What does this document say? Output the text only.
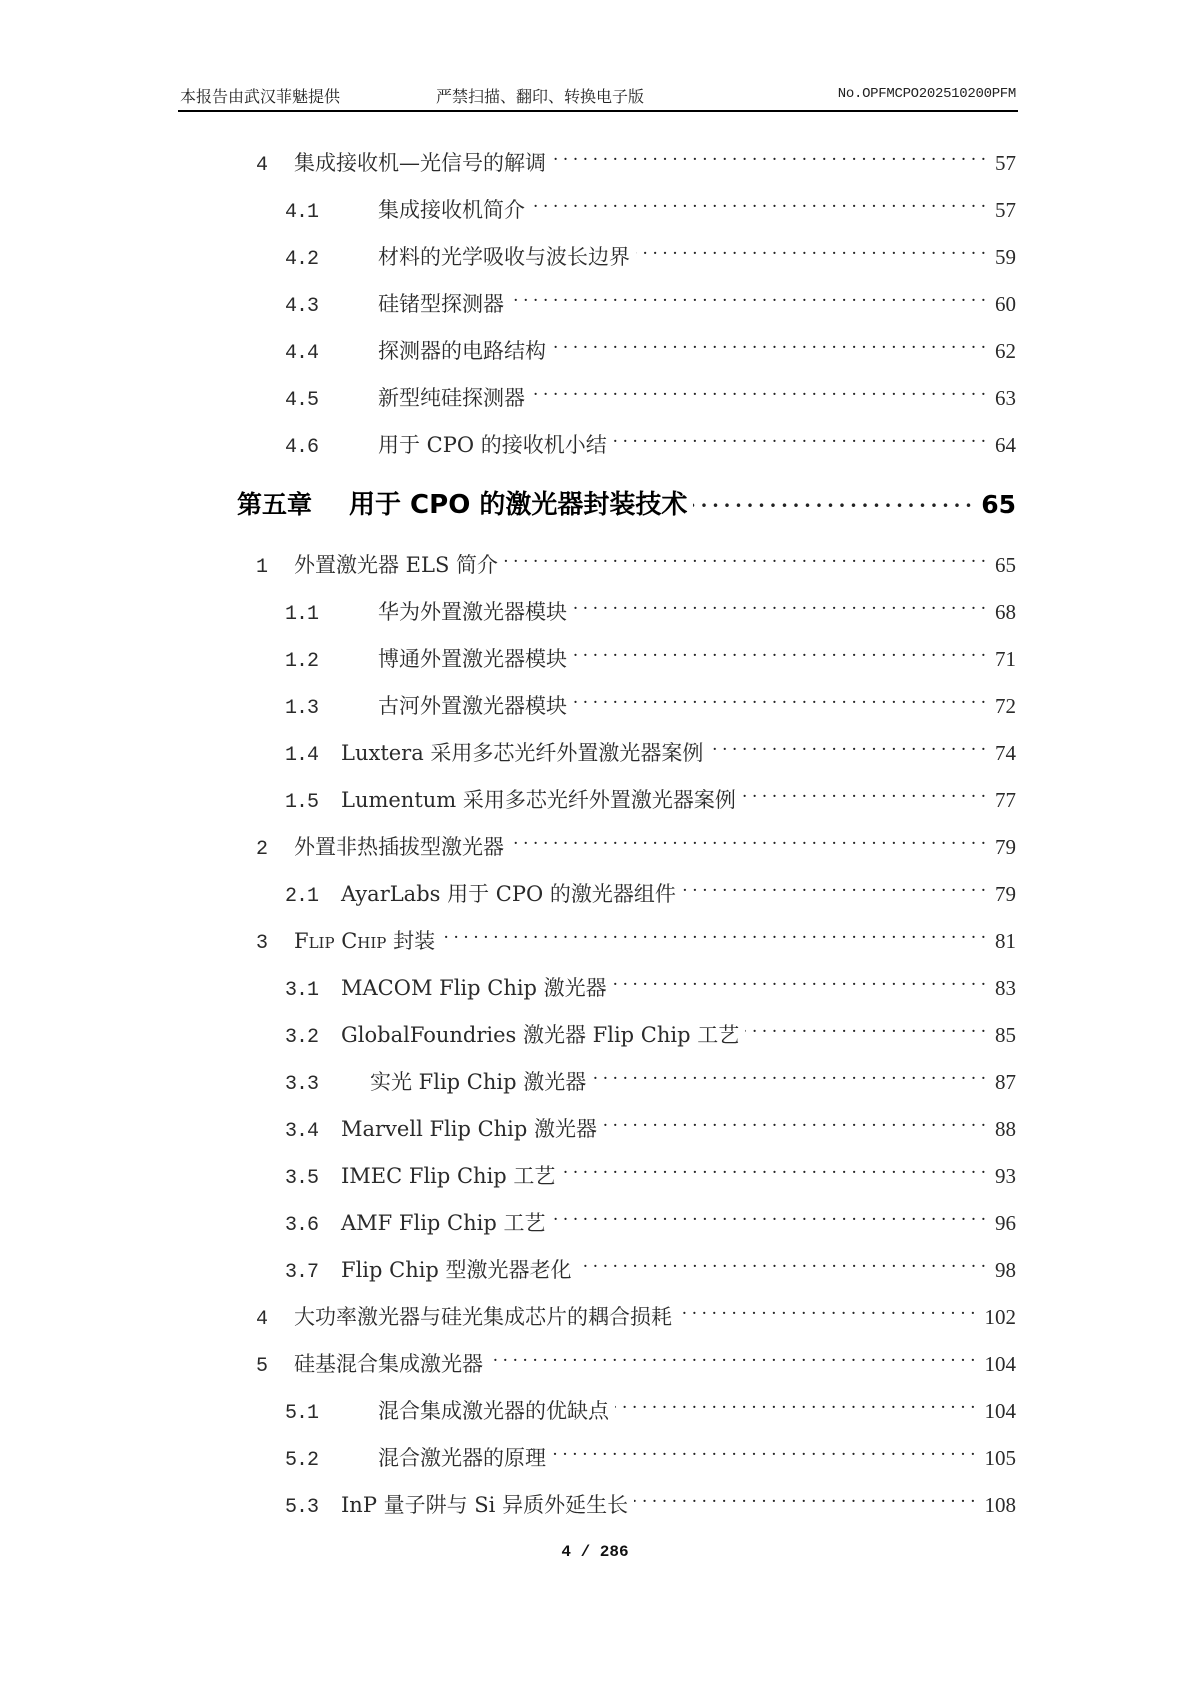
本报告由武汉菲魅提供	严禁扫描、翻印、转换电子版	No.OPFMCPO202510200PFM
4	集成接收机—光信号的解调 .....	57
4.1	集成接收机简介 .....	57
4.2	材料的光学吸收与波长边界 .....	59
4.3	硅锗型探测器 .....	60
4.4	探测器的电路结构 .....	62
4.5	新型纯硅探测器 .....	63
4.6	用于 CPO 的接收机小结 .....	64
第五章	用于 CPO 的激光器封装技术 .....	65
1	外置激光器 ELS 简介 .....	65
1.1	华为外置激光器模块 .....	68
1.2	博通外置激光器模块 .....	71
1.3	古河外置激光器模块 .....	72
1.4	Luxtera 采用多芯光纤外置激光器案例 .....	74
1.5	Lumentum 采用多芯光纤外置激光器案例 .....	77
2	外置非热插拔型激光器 .....	79
2.1	AyarLabs 用于 CPO 的激光器组件 .....	79
3	Flip Chip 封装 .....	81
3.1	MACOM Flip Chip 激光器 .....	83
3.2	GlobalFoundries 激光器 Flip Chip 工艺 .....	85
3.3	实光 Flip Chip 激光器 .....	87
3.4	Marvell Flip Chip 激光器 .....	88
3.5	IMEC Flip Chip 工艺 .....	93
3.6	AMF Flip Chip 工艺 .....	96
3.7	Flip Chip 型激光器老化 .....	98
4	大功率激光器与硅光集成芯片的耦合损耗 .....	102
5	硅基混合集成激光器 .....	104
5.1	混合集成激光器的优缺点 .....	104
5.2	混合激光器的原理 .....	105
5.3	InP 量子阱与 Si 异质外延生长 .....	108
4 / 286
